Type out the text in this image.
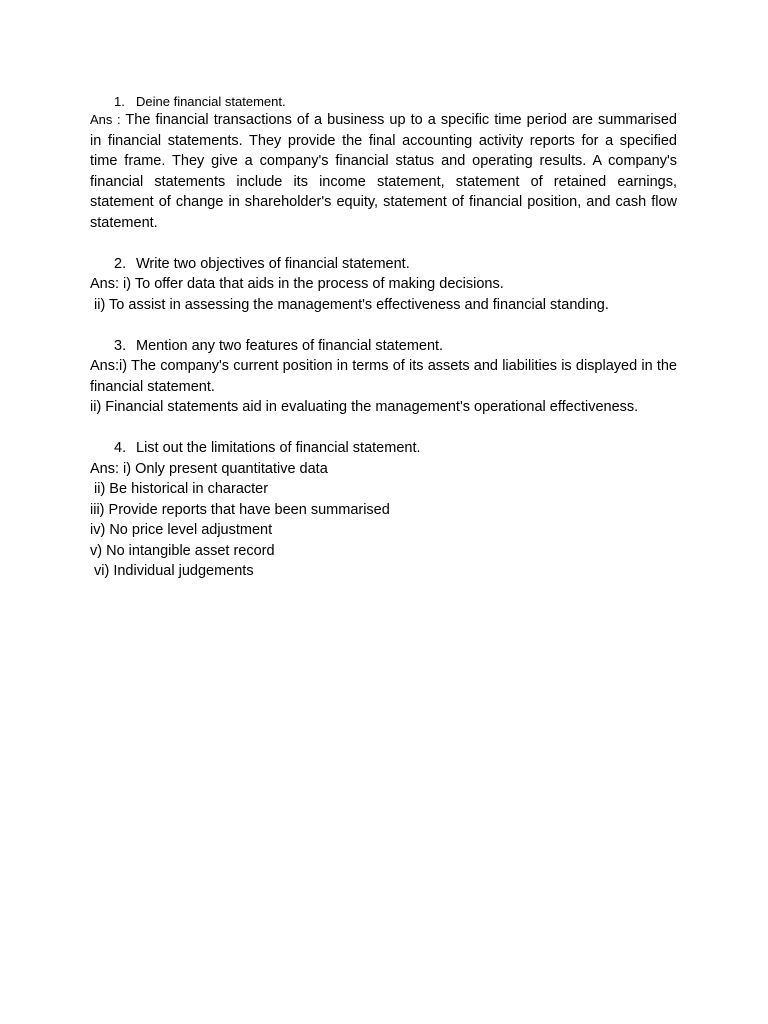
1. Deine financial statement.

Ans : The financial transactions of a business up to a specific time period are summarised in financial statements. They provide the final accounting activity reports for a specified time frame. They give a company's financial status and operating results. A company's financial statements include its income statement, statement of retained earnings, statement of change in shareholder's equity, statement of financial position, and cash flow statement.

2. Write two objectives of financial statement.

Ans: i) To offer data that aids in the process of making decisions.

ii) To assist in assessing the management's effectiveness and financial standing.

3. Mention any two features of financial statement.

Ans:i) The company's current position in terms of its assets and liabilities is displayed in the financial statement.

ii) Financial statements aid in evaluating the management's operational effectiveness.

4. List out the limitations of financial statement.

Ans: i) Only present quantitative data

ii) Be historical in character

iii) Provide reports that have been summarised

iv) No price level adjustment

v) No intangible asset record

vi) Individual judgements
